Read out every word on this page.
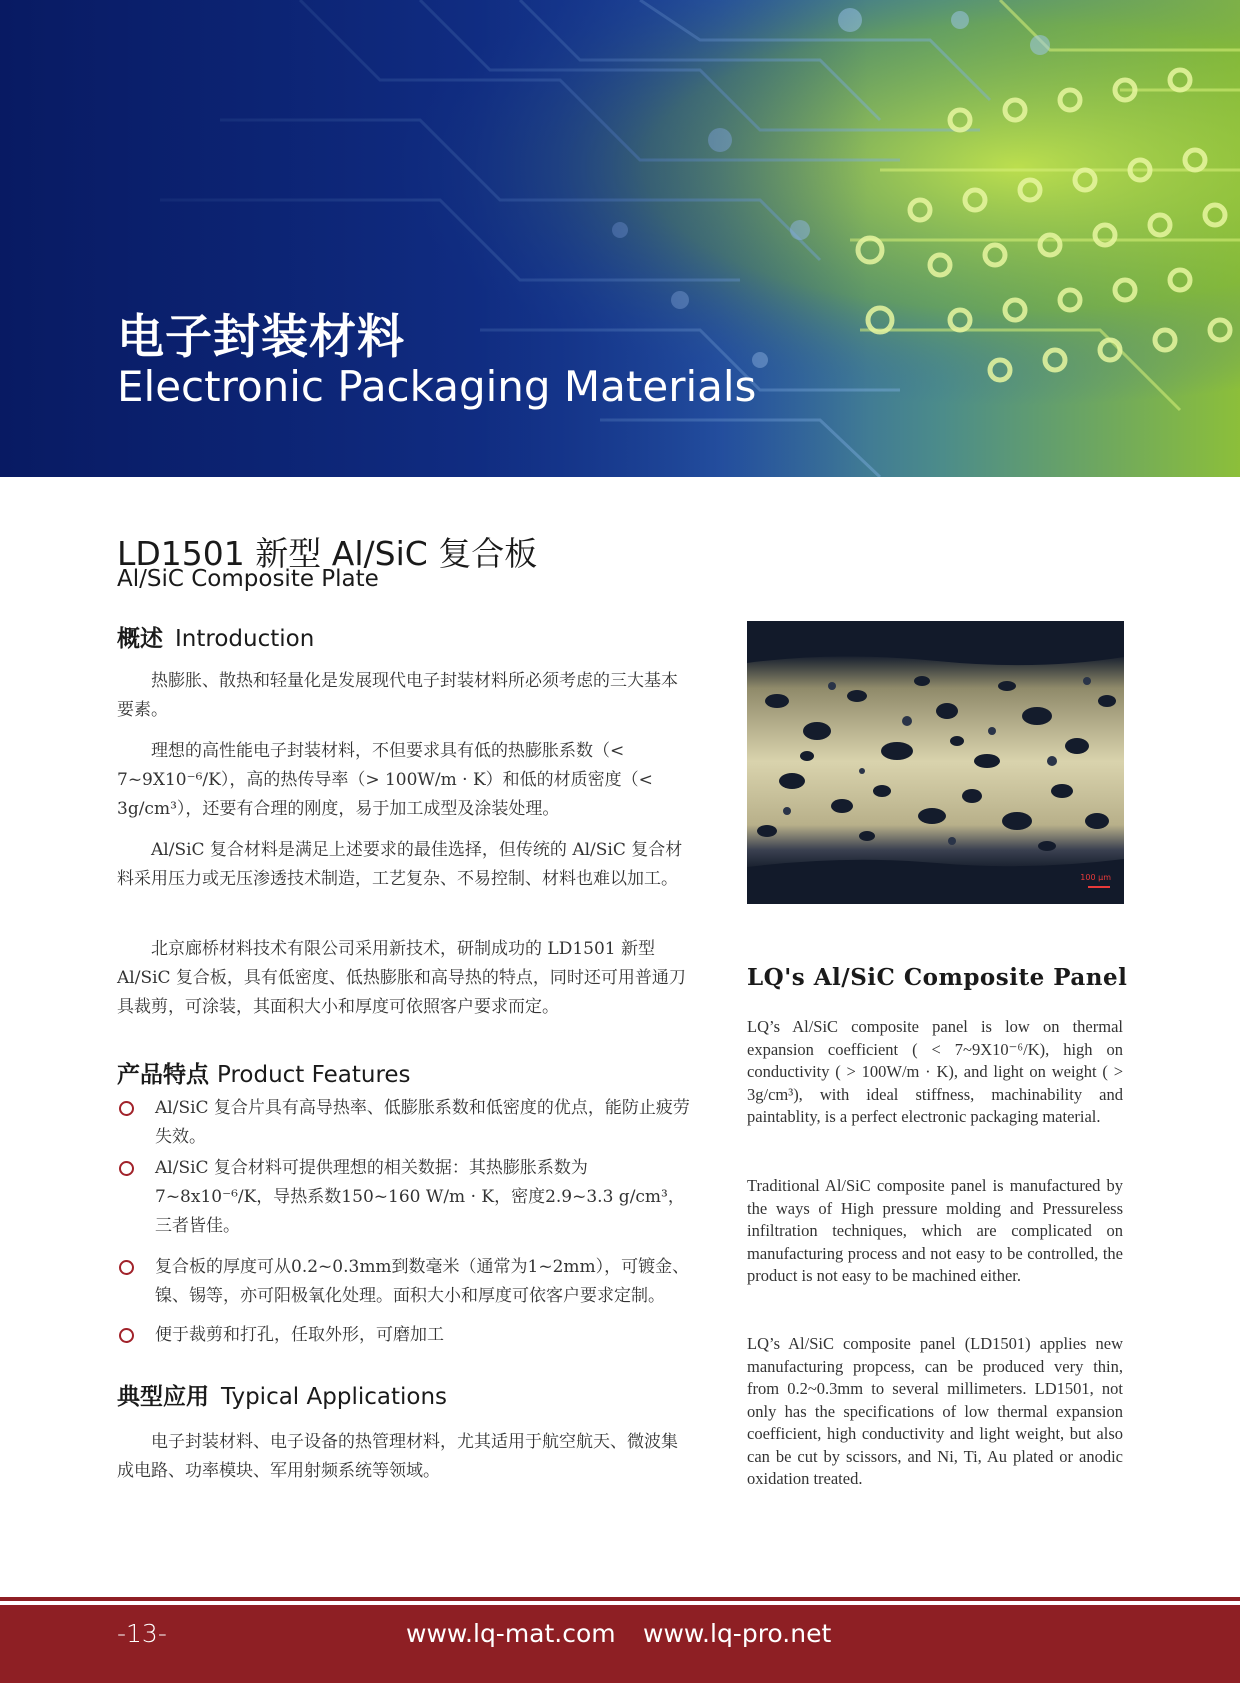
电子封装材料
Electronic Packaging Materials
LD1501 新型 Al/SiC 复合板
Al/SiC Composite Plate
概述 Introduction

热膨胀、散热和轻量化是发展现代电子封装材料所必须考虑的三大基本要素。

理想的高性能电子封装材料，不但要求具有低的热膨胀系数（< 7~9X10⁻⁶/K），高的热传导率（> 100W/m · K）和低的材质密度（< 3g/cm³），还要有合理的刚度，易于加工成型及涂装处理。

Al/SiC 复合材料是满足上述要求的最佳选择，但传统的 Al/SiC 复合材料采用压力或无压渗透技术制造，工艺复杂、不易控制、材料也难以加工。

北京廊桥材料技术有限公司采用新技术，研制成功的 LD1501 新型 Al/SiC 复合板，具有低密度、低热膨胀和高导热的特点，同时还可用普通刀具裁剪，可涂装，其面积大小和厚度可依照客户要求而定。

产品特点 Product Features
Al/SiC 复合片具有高导热率、低膨胀系数和低密度的优点，能防止疲劳失效。
Al/SiC 复合材料可提供理想的相关数据：其热膨胀系数为7~8x10⁻⁶/K，导热系数150~160 W/m · K，密度2.9~3.3 g/cm³，三者皆佳。
复合板的厚度可从0.2~0.3mm到数毫米（通常为1~2mm），可镀金、镍、锡等，亦可阳极氧化处理。面积大小和厚度可依客户要求定制。
便于裁剪和打孔，任取外形，可磨加工
典型应用 Typical Applications

电子封装材料、电子设备的热管理材料，尤其适用于航空航天、微波集成电路、功率模块、军用射频系统等领域。

100 μm
LQ's Al/SiC Composite Panel

LQ’s Al/SiC composite panel is low on thermal expansion coefficient ( < 7~9X10⁻⁶/K), high on conductivity ( > 100W/m · K), and light on weight ( > 3g/cm³), with ideal stiffness, machinability and paintablity, is a perfect electronic packaging material.

Traditional Al/SiC composite panel is manufactured by the ways of High pressure molding and Pressureless infiltration techniques, which are complicated on manufacturing process and not easy to be controlled, the product is not easy to be machined either.

LQ’s Al/SiC composite panel (LD1501) applies new manufacturing propcess, can be produced very thin, from 0.2~0.3mm to several millimeters. LD1501, not only has the specifications of low thermal expansion coefficient, high conductivity and light weight, but also can be cut by scissors, and Ni, Ti, Au plated or anodic oxidation treated.

-13-	www.lq-mat.com www.lq-pro.net
